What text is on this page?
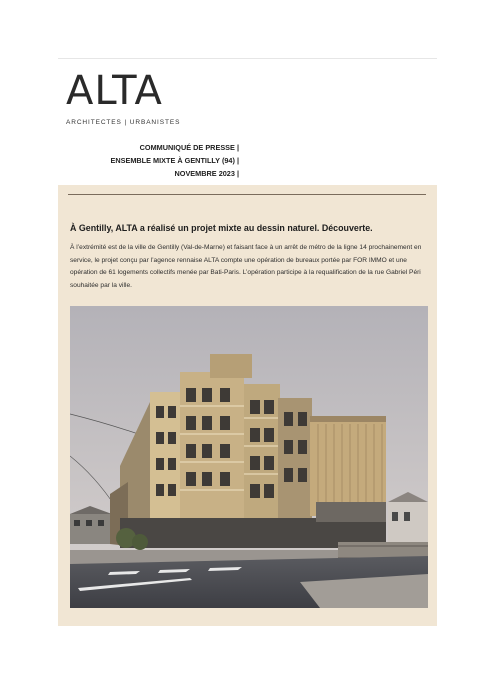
ALTA
ARCHITECTES | URBANISTES
COMMUNIQUÉ DE PRESSE |
ENSEMBLE MIXTE À GENTILLY (94) |
NOVEMBRE 2023 |
À Gentilly, ALTA a réalisé un projet mixte au dessin naturel. Découverte.
À l’extrémité est de la ville de Gentilly (Val-de-Marne) et faisant face à un arrêt de métro de la ligne 14 prochainement en service, le projet conçu par l’agence rennaise ALTA compte une opération de bureaux portée par FOR IMMO et une opération de 61 logements collectifs menée par Bati-Paris. L’opération participe à la requalification de la rue Gabriel Péri souhaitée par la ville.
